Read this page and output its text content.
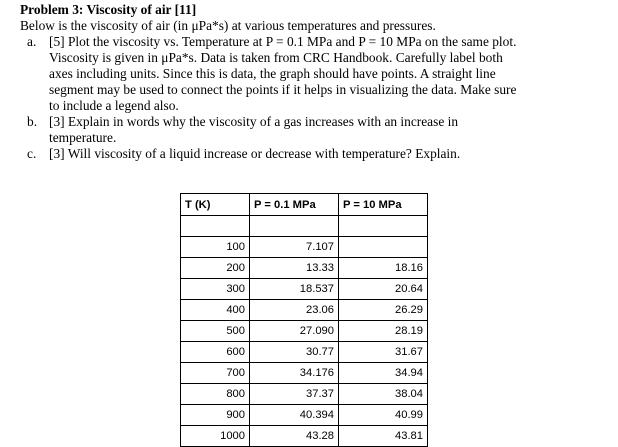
Problem 3: Viscosity of air [11]

Below is the viscosity of air (in μPa*s) at various temperatures and pressures.

a. [5] Plot the viscosity vs. Temperature at P = 0.1 MPa and P = 10 MPa on the same plot.
Viscosity is given in μPa*s. Data is taken from CRC Handbook. Carefully label both
axes including units. Since this is data, the graph should have points. A straight line
segment may be used to connect the points if it helps in visualizing the data. Make sure
to include a legend also.
b. [3] Explain in words why the viscosity of a gas increases with an increase in
temperature.
c. [3] Will viscosity of a liquid increase or decrease with temperature? Explain.
T (K)	P = 0.1 MPa	P = 10 MPa

100	7.107	
200	13.33	18.16
300	18.537	20.64
400	23.06	26.29
500	27.090	28.19
600	30.77	31.67
700	34.176	34.94
800	37.37	38.04
900	40.394	40.99
1000	43.28	43.81
